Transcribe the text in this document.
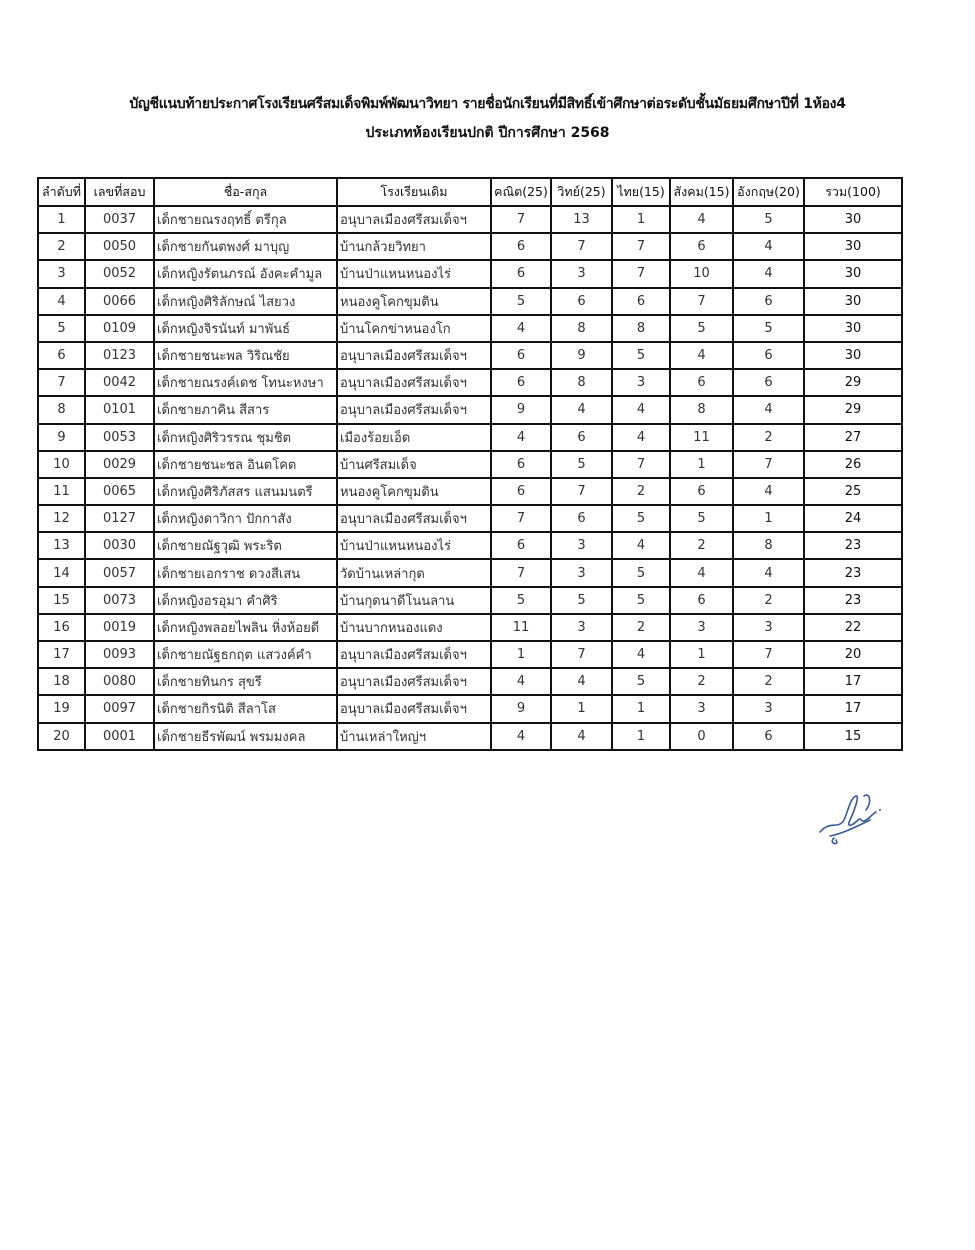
บัญชีแนบท้ายประกาศโรงเรียนศรีสมเด็จพิมพ์พัฒนาวิทยา รายชื่อนักเรียนที่มีสิทธิ์เข้าศึกษาต่อระดับชั้นมัธยมศึกษาปีที่ 1ห้อง4
ประเภทห้องเรียนปกติ ปีการศึกษา 2568
ลำดับที่	เลขที่สอบ	ชื่อ-สกุล	โรงเรียนเดิม	คณิต(25)	วิทย์(25)	ไทย(15)	สังคม(15)	อังกฤษ(20)	รวม(100)
1	0037	เด็กชายณรงฤทธิ์ ตรีกุล	อนุบาลเมืองศรีสมเด็จฯ	7	13	1	4	5	30
2	0050	เด็กชายกันตพงศ์ มาบุญ	บ้านกล้วยวิทยา	6	7	7	6	4	30
3	0052	เด็กหญิงรัตนภรณ์ อังคะคำมูล	บ้านป่าแหนหนองไร่	6	3	7	10	4	30
4	0066	เด็กหญิงศิริลักษณ์ ไสยวง	หนองคูโคกขุมดิน	5	6	6	7	6	30
5	0109	เด็กหญิงจิรนันท์ มาพันธ์	บ้านโคกข่าหนองโก	4	8	8	5	5	30
6	0123	เด็กชายชนะพล วิริณชัย	อนุบาลเมืองศรีสมเด็จฯ	6	9	5	4	6	30
7	0042	เด็กชายณรงค์เดช โทนะหงษา	อนุบาลเมืองศรีสมเด็จฯ	6	8	3	6	6	29
8	0101	เด็กชายภาคิน สีสาร	อนุบาลเมืองศรีสมเด็จฯ	9	4	4	8	4	29
9	0053	เด็กหญิงศิริวรรณ ชุมชิต	เมืองร้อยเอ็ด	4	6	4	11	2	27
10	0029	เด็กชายชนะชล อินตโคต	บ้านศรีสมเด็จ	6	5	7	1	7	26
11	0065	เด็กหญิงศิริภัสสร แสนมนตรี	หนองคูโคกขุมดิน	6	7	2	6	4	25
12	0127	เด็กหญิงดาวิกา ปักกาสัง	อนุบาลเมืองศรีสมเด็จฯ	7	6	5	5	1	24
13	0030	เด็กชายณัฐวุฒิ พระริต	บ้านป่าแหนหนองไร่	6	3	4	2	8	23
14	0057	เด็กชายเอกราช ดวงสีเสน	วัดบ้านเหล่ากุด	7	3	5	4	4	23
15	0073	เด็กหญิงอรอุมา คำศิริ	บ้านกุดนาดีโนนลาน	5	5	5	6	2	23
16	0019	เด็กหญิงพลอยไพลิน หิ่งห้อยดี	บ้านบากหนองแดง	11	3	2	3	3	22
17	0093	เด็กชายณัฐธกฤต แสวงค์คำ	อนุบาลเมืองศรีสมเด็จฯ	1	7	4	1	7	20
18	0080	เด็กชายทินกร สุขรี	อนุบาลเมืองศรีสมเด็จฯ	4	4	5	2	2	17
19	0097	เด็กชายกิรนิติ สีลาโส	อนุบาลเมืองศรีสมเด็จฯ	9	1	1	3	3	17
20	0001	เด็กชายธีรพัฒน์ พรมมงคล	บ้านเหล่าใหญ่ฯ	4	4	1	0	6	15
